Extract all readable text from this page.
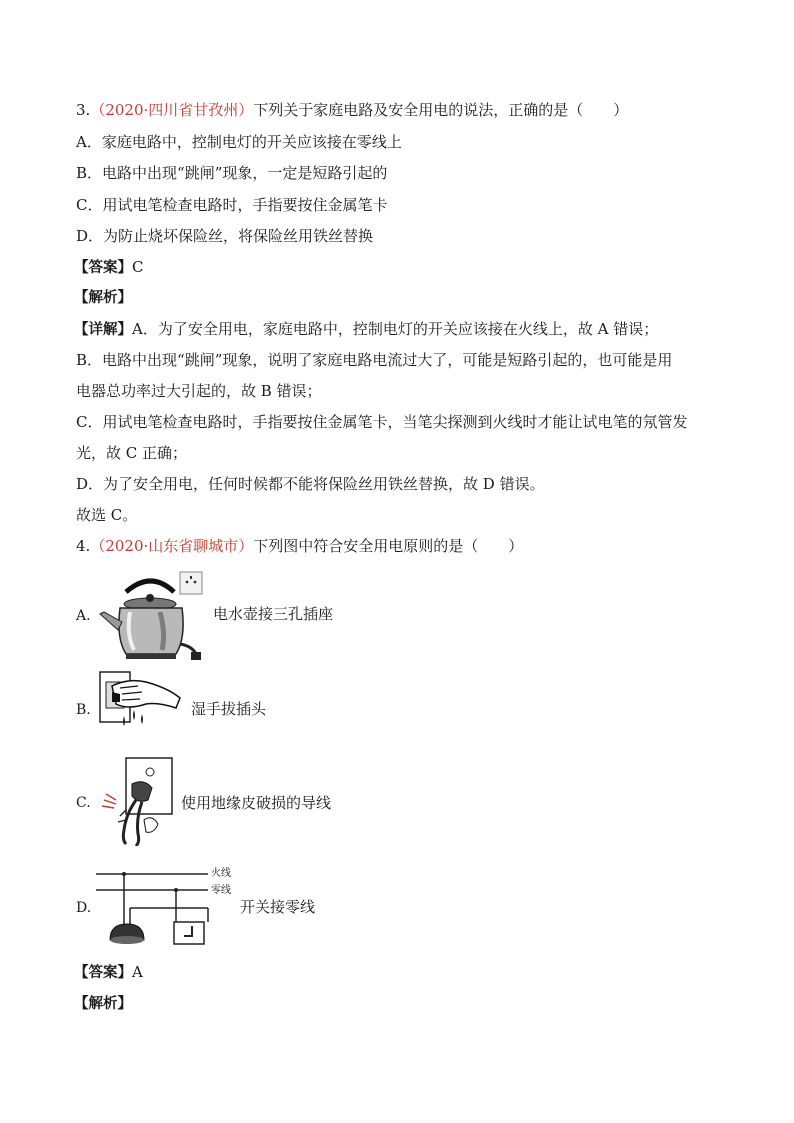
3.（2020·四川省甘孜州）下列关于家庭电路及安全用电的说法，正确的是（　　）
A．家庭电路中，控制电灯的开关应该接在零线上
B．电路中出现“跳闸”现象，一定是短路引起的
C．用试电笔检查电路时，手指要按住金属笔卡
D．为防止烧坏保险丝，将保险丝用铁丝替换
【答案】C
【解析】
【详解】A．为了安全用电，家庭电路中，控制电灯的开关应该接在火线上，故 A 错误；
B．电路中出现“跳闸”现象，说明了家庭电路电流过大了，可能是短路引起的，也可能是用
电器总功率过大引起的，故 B 错误；
C．用试电笔检查电路时，手指要按住金属笔卡，当笔尖探测到火线时才能让试电笔的氖管发
光，故 C 正确；
D．为了安全用电，任何时候都不能将保险丝用铁丝替换，故 D 错误。
故选 C。
4.（2020·山东省聊城市）下列图中符合安全用电原则的是（　　）
A.	电水壶接三孔插座
B.	湿手拔插头
C.	使用地缘皮破损的导线
D.
火线
零线
开关接零线
【答案】A
【解析】
